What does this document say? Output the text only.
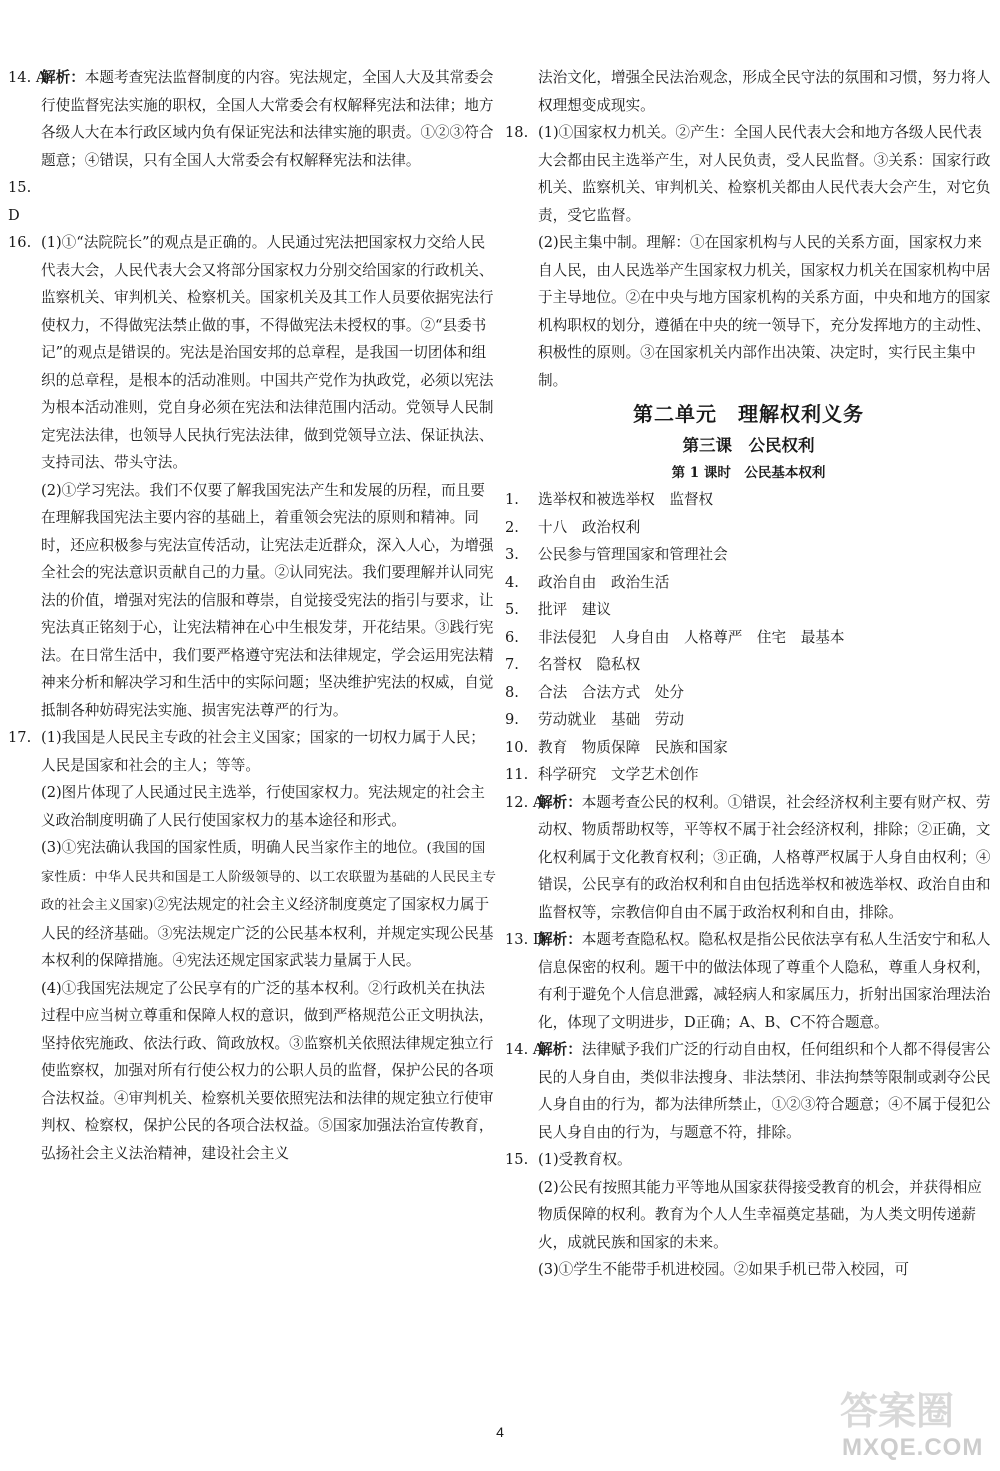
14. A
解析：本题考查宪法监督制度的内容。宪法规定，全国人大及其常委会行使监督宪法实施的职权，全国人大常委会有权解释宪法和法律；地方各级人大在本行政区域内负有保证宪法和法律实施的职责。①②③符合题意；④错误，只有全国人大常委会有权解释宪法和法律。
15. D
16. (1)①“法院院长”的观点是正确的。人民通过宪法把国家权力交给人民代表大会，人民代表大会又将部分国家权力分别交给国家的行政机关、监察机关、审判机关、检察机关。国家机关及其工作人员要依据宪法行使权力，不得做宪法禁止做的事，不得做宪法未授权的事。②“县委书记”的观点是错误的。宪法是治国安邦的总章程，是我国一切团体和组织的总章程，是根本的活动准则。中国共产党作为执政党，必须以宪法为根本活动准则，党自身必须在宪法和法律范围内活动。党领导人民制定宪法法律，也领导人民执行宪法法律，做到党领导立法、保证执法、支持司法、带头守法。
(2)①学习宪法。我们不仅要了解我国宪法产生和发展的历程，而且要在理解我国宪法主要内容的基础上，着重领会宪法的原则和精神。同时，还应积极参与宪法宣传活动，让宪法走近群众，深入人心，为增强全社会的宪法意识贡献自己的力量。②认同宪法。我们要理解并认同宪法的价值，增强对宪法的信服和尊崇，自觉接受宪法的指引与要求，让宪法真正铭刻于心，让宪法精神在心中生根发芽，开花结果。③践行宪法。在日常生活中，我们要严格遵守宪法和法律规定，学会运用宪法精神来分析和解决学习和生活中的实际问题；坚决维护宪法的权威，自觉抵制各种妨碍宪法实施、损害宪法尊严的行为。
17. (1)我国是人民民主专政的社会主义国家；国家的一切权力属于人民；人民是国家和社会的主人；等等。
(2)图片体现了人民通过民主选举，行使国家权力。宪法规定的社会主义政治制度明确了人民行使国家权力的基本途径和形式。
(3)①宪法确认我国的国家性质，明确人民当家作主的地位。(我国的国家性质：中华人民共和国是工人阶级领导的、以工农联盟为基础的人民民主专政的社会主义国家)②宪法规定的社会主义经济制度奠定了国家权力属于人民的经济基础。③宪法规定广泛的公民基本权利，并规定实现公民基本权利的保障措施。④宪法还规定国家武装力量属于人民。
(4)①我国宪法规定了公民享有的广泛的基本权利。②行政机关在执法过程中应当树立尊重和保障人权的意识，做到严格规范公正文明执法，坚持依宪施政、依法行政、简政放权。③监察机关依照法律规定独立行使监察权，加强对所有行使公权力的公职人员的监督，保护公民的各项合法权益。④审判机关、检察机关要依照宪法和法律的规定独立行使审判权、检察权，保护公民的各项合法权益。⑤国家加强法治宣传教育，弘扬社会主义法治精神，建设社会主义
法治文化，增强全民法治观念，形成全民守法的氛围和习惯，努力将人权理想变成现实。
18. (1)①国家权力机关。②产生：全国人民代表大会和地方各级人民代表大会都由民主选举产生，对人民负责，受人民监督。③关系：国家行政机关、监察机关、审判机关、检察机关都由人民代表大会产生，对它负责，受它监督。
(2)民主集中制。理解：①在国家机构与人民的关系方面，国家权力来自人民，由人民选举产生国家权力机关，国家权力机关在国家机构中居于主导地位。②在中央与地方国家机构的关系方面，中央和地方的国家机构职权的划分，遵循在中央的统一领导下，充分发挥地方的主动性、积极性的原则。③在国家机关内部作出决策、决定时，实行民主集中制。
第二单元　理解权利义务
第三课　公民权利
第 1 课时　公民基本权利
1.	选举权和被选举权　监督权
2.	十八　政治权利
3.	公民参与管理国家和管理社会
4.	政治自由　政治生活
5.	批评　建议
6.	非法侵犯　人身自由　人格尊严　住宅　最基本
7.	名誉权　隐私权
8.	合法　合法方式　处分
9.	劳动就业　基础　劳动
10. 教育　物质保障　民族和国家
11. 科学研究　文学艺术创作
12. A
解析：本题考查公民的权利。①错误，社会经济权利主要有财产权、劳动权、物质帮助权等，平等权不属于社会经济权利，排除；②正确，文化权利属于文化教育权利；③正确，人格尊严权属于人身自由权利；④错误，公民享有的政治权利和自由包括选举权和被选举权、政治自由和监督权等，宗教信仰自由不属于政治权利和自由，排除。
13. D
解析：本题考查隐私权。隐私权是指公民依法享有私人生活安宁和私人信息保密的权利。题干中的做法体现了尊重个人隐私，尊重人身权利，有利于避免个人信息泄露，减轻病人和家属压力，折射出国家治理法治化，体现了文明进步，D正确；A、B、C不符合题意。
14. A
解析：法律赋予我们广泛的行动自由权，任何组织和个人都不得侵害公民的人身自由，类似非法搜身、非法禁闭、非法拘禁等限制或剥夺公民人身自由的行为，都为法律所禁止，①②③符合题意；④不属于侵犯公民人身自由的行为，与题意不符，排除。
15. (1)受教育权。
(2)公民有按照其能力平等地从国家获得接受教育的机会，并获得相应物质保障的权利。教育为个人人生幸福奠定基础，为人类文明传递薪火，成就民族和国家的未来。
(3)①学生不能带手机进校园。②如果手机已带入校园，可
4	答案圈
MXQE.COM
